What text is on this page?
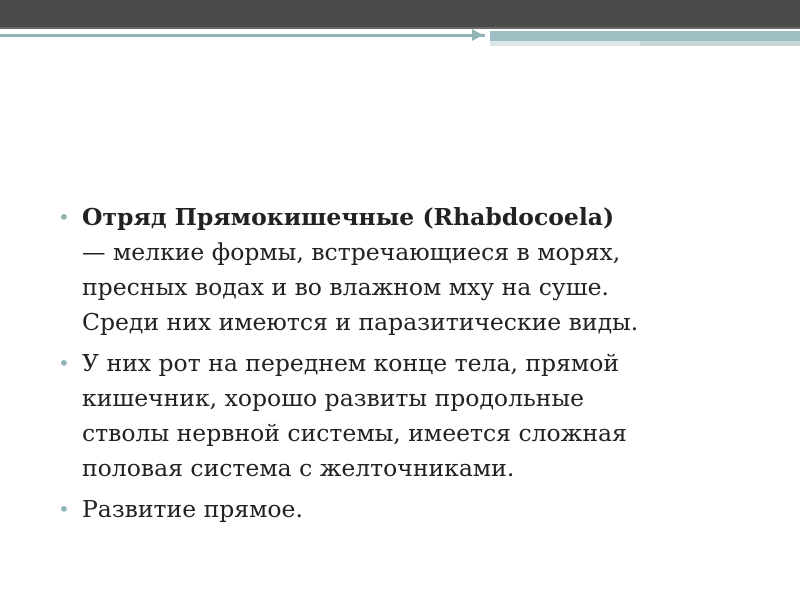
• Отряд Прямокишечные (Rhabdocoela)
— мелкие формы, встречающиеся в морях,
пресных водах и во влажном мху на суше.
Среди них имеются и паразитические виды.
• У них рот на переднем конце тела, прямой
кишечник, хорошо развиты продольные
стволы нервной системы, имеется сложная
половая система с желточниками.
• Развитие прямое.
